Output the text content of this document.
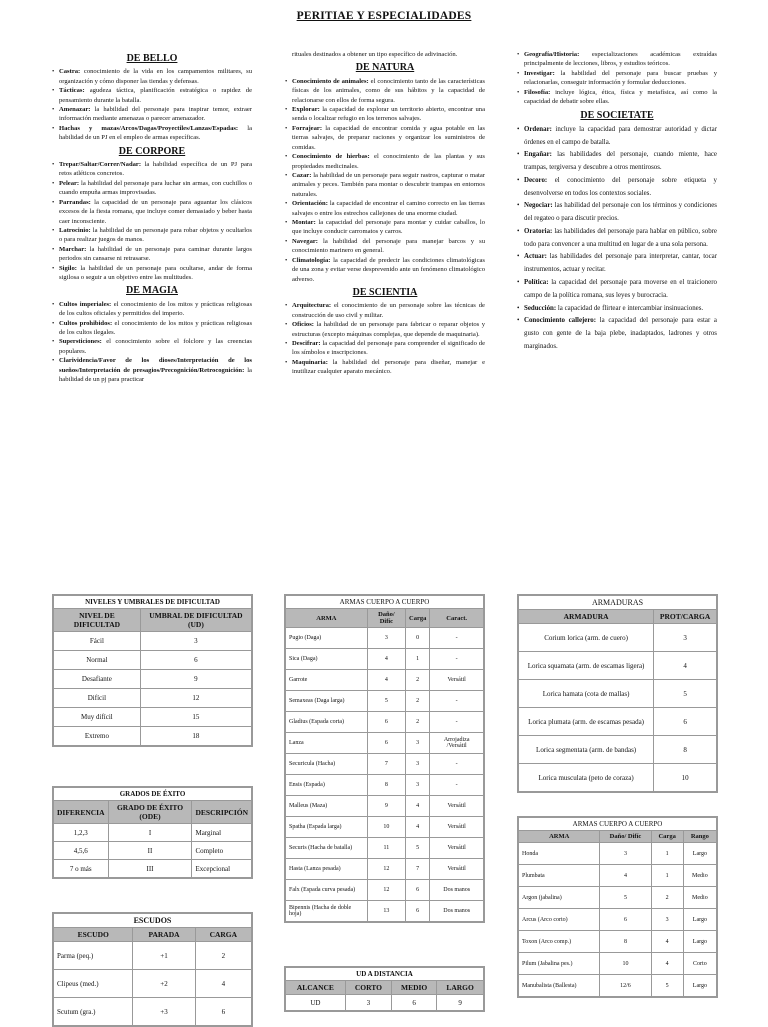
PERITIAE Y ESPECIALIDADES
DE BELLO
• Castra: conocimiento de la vida en los campamentos militares, su organización y cómo disponer las tiendas y defensas.
• Tácticas: agudeza táctica, planificación estratégica o rapidez de pensamiento durante la batalla.
• Amenazar: la habilidad del personaje para inspirar temor, extraer información mediante amenazas o parecer amenazador.
• Hachas y mazas/Arcos/Dagas/Proyectiles/Lanzas/Espadas: la habilidad de un PJ en el empleo de armas específicas.
DE CORPORE
• Trepar/Saltar/Correr/Nadar: la habilidad específica de un PJ para retos atléticos concretos.
• Pelear: la habilidad del personaje para luchar sin armas, con cuchillos o cuando empuña armas improvisadas.
• Parrandas: la capacidad de un personaje para aguantar los clásicos excesos de la fiesta romana, que incluye comer demasiado y beber hasta caer inconsciente.
• Latrocinio: la habilidad de un personaje para robar objetos y ocultarlos o para realizar juegos de manos.
• Marchar: la habilidad de un personaje para caminar durante largos periodos sin cansarse ni retrasarse.
• Sigilo: la habilidad de un personaje para ocultarse, andar de forma sigilosa o seguir a un objetivo entre las multitudes.
DE MAGIA
• Cultos imperiales: el conocimiento de los mitos y prácticas religiosas de los cultos oficiales y permitidos del imperio.
• Cultos prohibidos: el conocimiento de los mitos y prácticas religiosas de los cultos ilegales.
• Supersticiones: el conocimiento sobre el folclore y las creencias populares.
• Clarividencia/Favor de los dioses/Interpretación de los sueños/Interpretación de presagios/Precognición/Retrocognición: la habilidad de un pj para practicar
rituales destinados a obtener un tipo específico de adivinación.
DE NATURA
• Conocimiento de animales: el conocimiento tanto de las características físicas de los animales, como de sus hábitos y la capacidad de relacionarse con ellos de forma segura.
• Explorar: la capacidad de explorar un territorio abierto, encontrar una senda o localizar refugio en los terrenos salvajes.
• Forrajear: la capacidad de encontrar comida y agua potable en las tierras salvajes, de preparar raciones y organizar los suministros de comidas.
• Conocimiento de hierbas: el conocimiento de las plantas y sus propiedades medicinales.
• Cazar: la habilidad de un personaje para seguir rastros, capturar o matar animales y peces. También para montar o descubrir trampas en entornos naturales.
• Orientación: la capacidad de encontrar el camino correcto en las tierras salvajes o entre los estrechos callejones de una enorme ciudad.
• Montar: la capacidad del personaje para montar y cuidar caballos, lo que incluye conducir carromatos y carros.
• Navegar: la habilidad del personaje para manejar barcos y su conocimiento marinero en general.
• Climatología: la capacidad de predecir las condiciones climatológicas de una zona y evitar verse desprevenido ante un fenómeno climatológico adverso.
DE SCIENTIA
• Arquitectura: el conocimiento de un personaje sobre las técnicas de construcción de uso civil y militar.
• Oficios: la habilidad de un personaje para fabricar o reparar objetos y estructuras (excepto máquinas complejas, que depende de maquinaria).
• Descifrar: la capacidad del personaje para comprender el significado de los símbolos e inscripciones.
• Maquinaria: la habilidad del personaje para diseñar, manejar e inutilizar cualquier aparato mecánico.
• Geografía/Historia: especializaciones académicas extraídas principalmente de lecciones, libros, y estudios teóricos.
• Investigar: la habilidad del personaje para buscar pruebas y relacionarlas, conseguir información y formular deducciones.
• Filosofía: incluye lógica, ética, física y metafísica, así como la capacidad de debatir sobre ellas.
DE SOCIETATE
• Ordenar: incluye la capacidad para demostrar autoridad y dictar órdenes en el campo de batalla.
• Engañar: las habilidades del personaje, cuando miente, hace trampas, tergiversa y descubre a otros mentirosos.
• Decoro: el conocimiento del personaje sobre etiqueta y desenvolverse en todos los contextos sociales.
• Negociar: las habilidad del personaje con los términos y condiciones del regateo o para discutir precios.
• Oratoria: las habilidades del personaje para hablar en público, sobre todo para convencer a una multitud en lugar de a una sola persona.
• Actuar: las habilidades del personaje para interpretar, cantar, tocar instrumentos, actuar y recitar.
• Política: la capacidad del personaje para moverse en el traicionero campo de la política romana, sus leyes y burocracia.
• Seducción: la capacidad de flirtear e intercambiar insinuaciones.
• Conocimiento callejero: la capacidad del personaje para estar a gusto con gente de la baja plebe, inadaptados, ladrones y otros marginados.
NIVELES Y UMBRALES DE DIFICULTAD	
NIVEL DE DIFICULTAD	UMBRAL DE DIFICULTAD (UD)
Fácil	3
Normal	6
Desafiante	9
Difícil	12
Muy difícil	15
Extremo	18
GRADOS DE ÉXITO		
DIFERENCIA	GRADO DE ÉXITO (ODE)	DESCRIPCIÓN
1,2,3	I	Marginal
4,5,6	II	Completo
7 o más	III	Excepcional
ESCUDOS		
ESCUDO	PARADA	CARGA
Parma (peq.)	+1	2
Clipeus (med.)	+2	4
Scutum (gra.)	+3	6
ARMAS CUERPO A CUERPO			
ARMA	Daño/ Difíc	Carga	Caract.
Pugio (Daga)	3	0	-
Sica (Daga)	4	1	-
Garrote	4	2	Versátil
Semaxeas (Daga larga)	5	2	-
Gladius (Espada corta)	6	2	-
Lanza	6	3	Arrojadiza /Versátil
Securicula (Hacha)	7	3	-
Ensis (Espada)	8	3	-
Malleus (Maza)	9	4	Versátil
Spatha (Espada larga)	10	4	Versátil
Securis (Hacha de batalla)	11	5	Versátil
Hasta (Lanza pesada)	12	7	Versátil
Falx (Espada curva pesada)	12	6	Dos manos
Bipennis (Hacha de doble hoja)	13	6	Dos manos
UD A DISTANCIA			
ALCANCE	CORTO	MEDIO	LARGO
UD	3	6	9
ARMADURAS	
ARMADURA	PROT/CARGA
Corium lorica (arm. de cuero)	3
Lorica squamata (arm. de escamas ligera)	4
Lorica hamata (cota de mallas)	5
Lorica plumata (arm. de escamas pesada)	6
Lorica segmentata (arm. de bandas)	8
Lorica musculata (peto de coraza)	10
ARMAS CUERPO A CUERPO			
ARMA	Daño/ Difíc	Carga	Rango
Honda	3	1	Largo
Plumbata	4	1	Medio
Argon (jabalina)	5	2	Medio
Arcus (Arco corto)	6	3	Largo
Toxon (Arco comp.)	8	4	Largo
Pilum (Jabalina pes.)	10	4	Corto
Manubalista (Ballesta)	12/6	5	Largo
